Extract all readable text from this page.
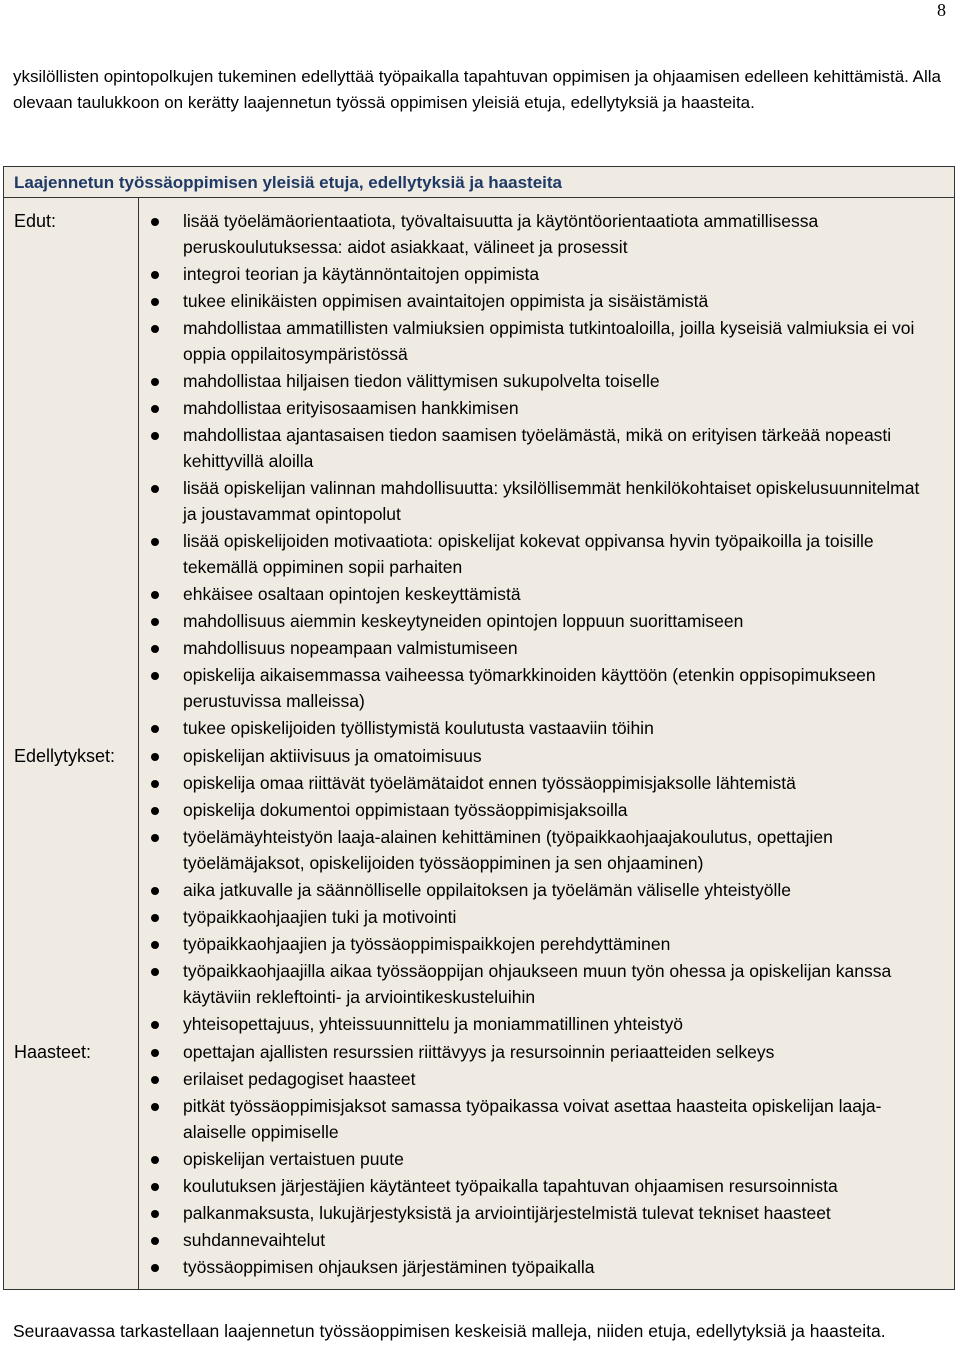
8
yksilöllisten opintopolkujen tukeminen edellyttää työpaikalla tapahtuvan oppimisen ja ohjaamisen edelleen kehittämistä. Alla olevaan taulukkoon on kerätty laajennetun työssä oppimisen yleisiä etuja, edellytyksiä ja haasteita.
Laajennetun työssäoppimisen yleisiä etuja, edellytyksiä ja haasteita
Edut:	lisää työelämäorientaatiota, työvaltaisuutta ja käytöntöorientaatiota ammatillisessa peruskoulutuksessa: aidot asiakkaat, välineet ja prosessit
integroi teorian ja käytännöntaitojen oppimista
tukee elinikäisten oppimisen avaintaitojen oppimista ja sisäistämistä
mahdollistaa ammatillisten valmiuksien oppimista tutkintoaloilla, joilla kyseisiä valmiuksia ei voi oppia oppilaitosympäristössä
mahdollistaa hiljaisen tiedon välittymisen sukupolvelta toiselle
mahdollistaa erityisosaamisen hankkimisen
mahdollistaa ajantasaisen tiedon saamisen työelämästä, mikä on erityisen tärkeää nopeasti kehittyvillä aloilla
lisää opiskelijan valinnan mahdollisuutta: yksilöllisemmät henkilökohtaiset opiskelusuunnitelmat ja joustavammat opintopolut
lisää opiskelijoiden motivaatiota: opiskelijat kokevat oppivansa hyvin työpaikoilla ja toisille tekemällä oppiminen sopii parhaiten
ehkäisee osaltaan opintojen keskeyttämistä
mahdollisuus aiemmin keskeytyneiden opintojen loppuun suorittamiseen
mahdollisuus nopeampaan valmistumiseen
opiskelija aikaisemmassa vaiheessa työmarkkinoiden käyttöön (etenkin oppisopimukseen perustuvissa malleissa)
tukee opiskelijoiden työllistymistä koulutusta vastaaviin töihin
Edellytykset:	opiskelijan aktiivisuus ja omatoimisuus
opiskelija omaa riittävät työelämätaidot ennen työssäoppimisjaksolle lähtemistä
opiskelija dokumentoi oppimistaan työssäoppimisjaksoilla
työelämäyhteistyön laaja-alainen kehittäminen (työpaikkaohjaajakoulutus, opettajien työelämäjaksot, opiskelijoiden työssäoppiminen ja sen ohjaaminen)
aika jatkuvalle ja säännölliselle oppilaitoksen ja työelämän väliselle yhteistyölle
työpaikkaohjaajien tuki ja motivointi
työpaikkaohjaajien ja työssäoppimispaikkojen perehdyttäminen
työpaikkaohjaajilla aikaa työssäoppijan ohjaukseen muun työn ohessa ja opiskelijan kanssa käytäviin rekleftointi- ja arviointikeskusteluihin
yhteisopettajuus, yhteissuunnittelu ja moniammatillinen yhteistyö
Haasteet:	opettajan ajallisten resurssien riittävyys ja resursoinnin periaatteiden selkeys
erilaiset pedagogiset haasteet
pitkät työssäoppimisjaksot samassa työpaikassa voivat asettaa haasteita opiskelijan laaja-alaiselle oppimiselle
opiskelijan vertaistuen puute
koulutuksen järjestäjien käytänteet työpaikalla tapahtuvan ohjaamisen resursoinnista
palkanmaksusta, lukujärjestyksistä ja arviointijärjestelmistä tulevat tekniset haasteet
suhdannevaihtelut
työssäoppimisen ohjauksen järjestäminen työpaikalla
Seuraavassa tarkastellaan laajennetun työssäoppimisen keskeisiä malleja, niiden etuja, edellytyksiä ja haasteita.
